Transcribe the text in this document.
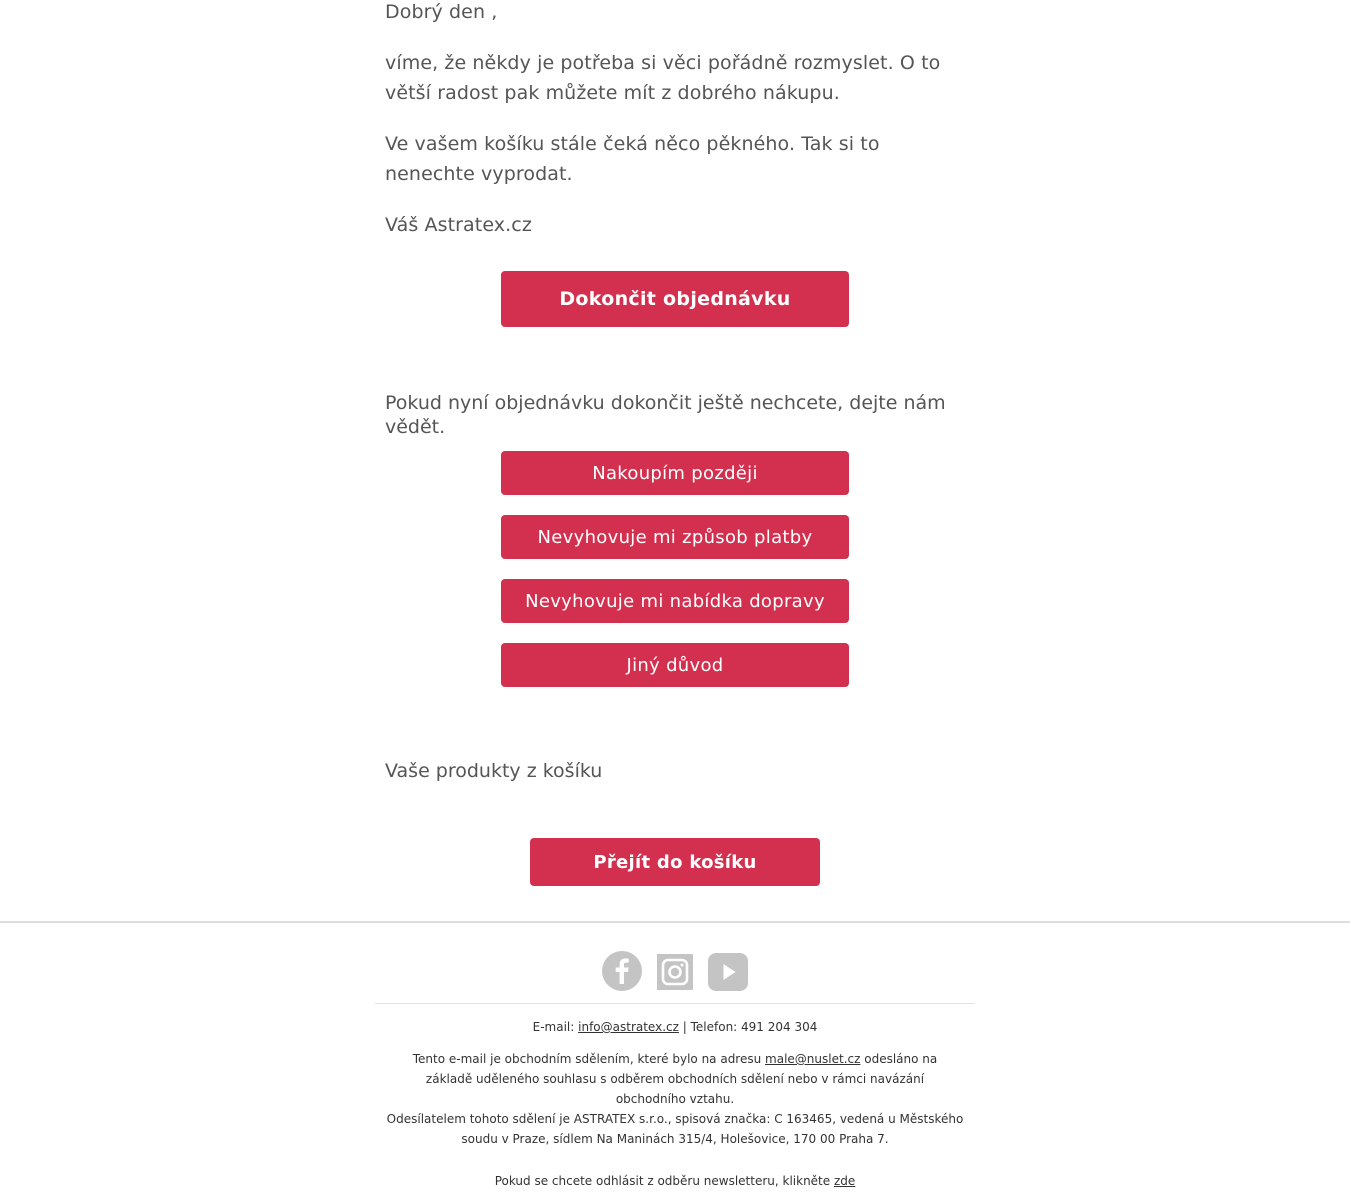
Dobrý den ,

víme, že někdy je potřeba si věci pořádně rozmyslet. O to větší radost pak můžete mít z dobrého nákupu.

Ve vašem košíku stále čeká něco pěkného. Tak si to nenechte vyprodat.

Váš Astratex.cz

Dokončit objednávku

Pokud nyní objednávku dokončit ještě nechcete, dejte nám vědět.

Nakoupím později
Nevyhovuje mi způsob platby
Nevyhovuje mi nabídka dopravy
Jiný důvod

Vaše produkty z košíku

Přejít do košíku
E-mail: info@astratex.cz | Telefon: 491 204 304
Tento e-mail je obchodním sdělením, které bylo na adresu male@nuslet.cz odesláno na základě uděleného souhlasu s odběrem obchodních sdělení nebo v rámci navázání obchodního vztahu.
Odesílatelem tohoto sdělení je ASTRATEX s.r.o., spisová značka: C 163465, vedená u Městského soudu v Praze, sídlem Na Maninách 315/4, Holešovice, 170 00 Praha 7.
Pokud se chcete odhlásit z odběru newsletteru, klikněte zde
